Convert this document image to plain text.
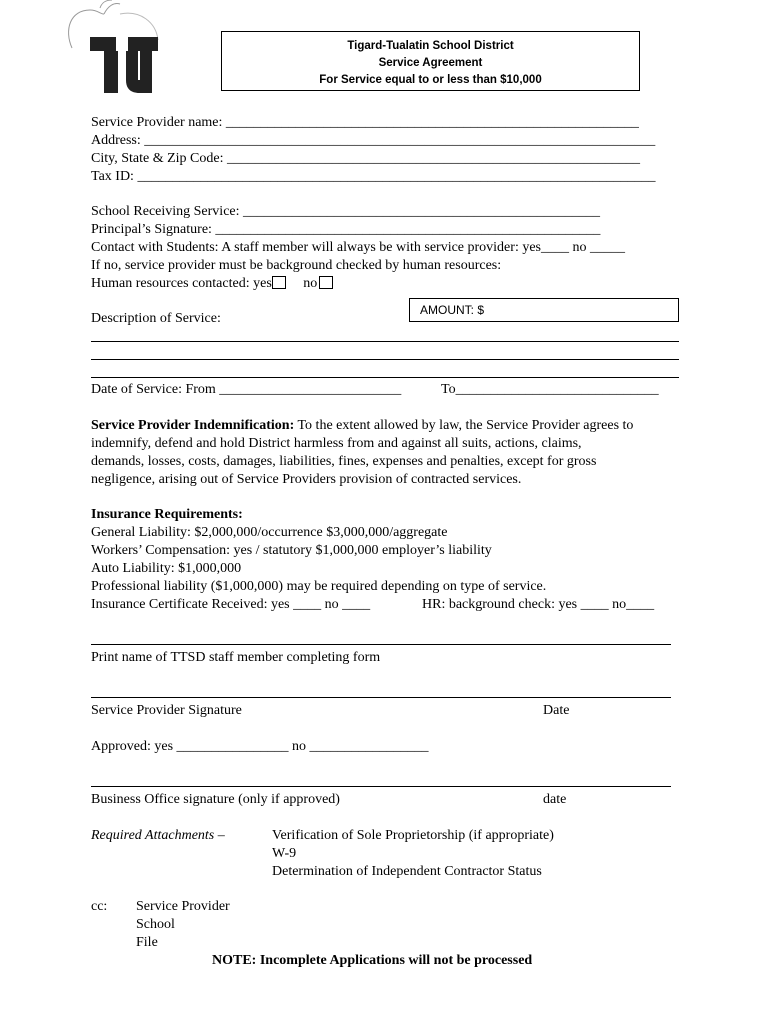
Tigard-Tualatin School District
Service Agreement
For Service equal to or less than $10,000
Service Provider name: ___________________________________________________________
Address: _________________________________________________________________________
City, State & Zip Code: ___________________________________________________________
Tax ID: __________________________________________________________________________
School Receiving Service: ___________________________________________________
Principal’s Signature: _______________________________________________________
Contact with Students: A staff member will always be with service provider: yes____ no _____
If no, service provider must be background checked by human resources:
Human resources contacted: yes no
Description of Service:
AMOUNT: $
Date of Service: From __________________________	To_____________________________
Service Provider Indemnification: To the extent allowed by law, the Service Provider agrees to
indemnify, defend and hold District harmless from and against all suits, actions, claims,
demands, losses, costs, damages, liabilities, fines, expenses and penalties, except for gross
negligence, arising out of Service Providers provision of contracted services.
Insurance Requirements:
General Liability: $2,000,000/occurrence $3,000,000/aggregate
Workers’ Compensation: yes / statutory $1,000,000 employer’s liability
Auto Liability: $1,000,000
Professional liability ($1,000,000) may be required depending on type of service.
Insurance Certificate Received: yes ____ no ____	HR: background check: yes ____ no____
Print name of TTSD staff member completing form
Service Provider Signature	Date
Approved: yes ________________ no _________________
Business Office signature (only if approved)	date
Required Attachments –	Verification of Sole Proprietorship (if appropriate)
W-9
Determination of Independent Contractor Status
cc: Service Provider
School
File
NOTE: Incomplete Applications will not be processed
